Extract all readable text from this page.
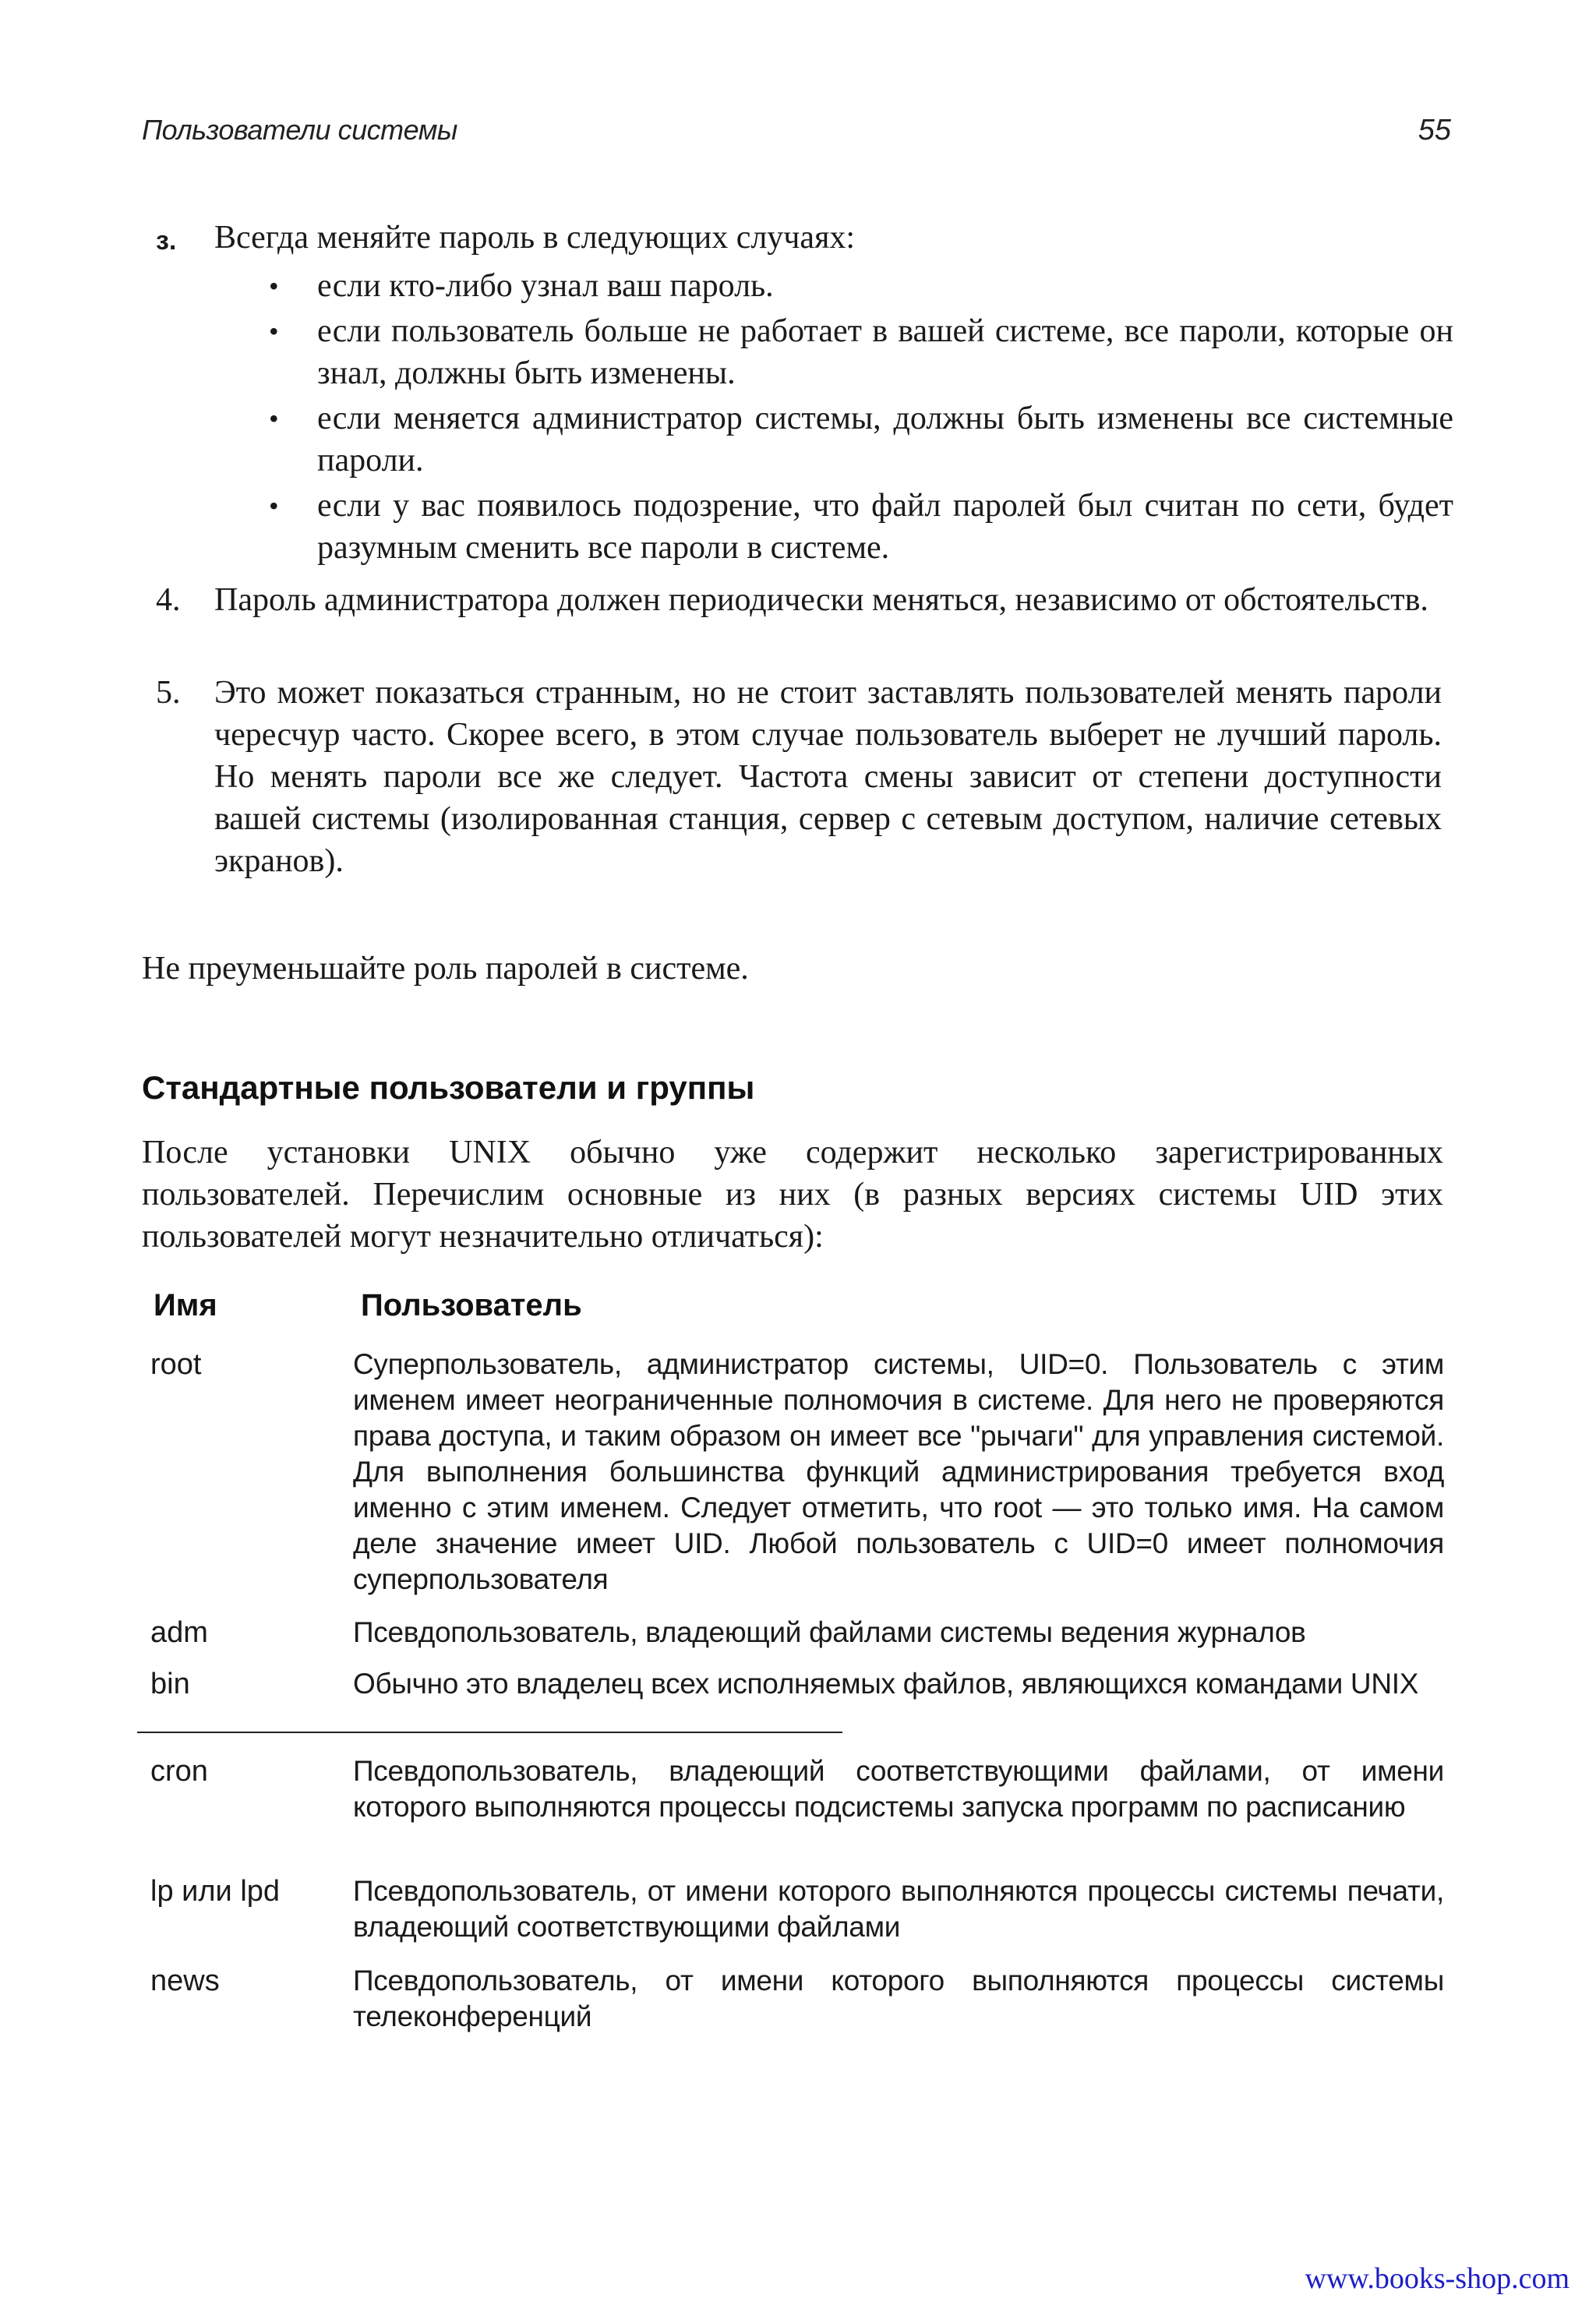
Пользователи системы	55
з.	Всегда меняйте пароль в следующих случаях:
• если кто-либо узнал ваш пароль.
• если пользователь больше не работает в вашей системе, все пароли, которые он знал, должны быть изменены.
• если меняется администратор системы, должны быть изменены все системные пароли.
• если у вас появилось подозрение, что файл паролей был считан по сети, будет разумным сменить все пароли в системе.
4.	Пароль администратора должен периодически меняться, независимо от обстоятельств.
5.	Это может показаться странным, но не стоит заставлять пользователей менять пароли чересчур часто. Скорее всего, в этом случае пользователь выберет не лучший пароль. Но менять пароли все же следует. Частота смены зависит от степени доступности вашей системы (изолированная станция, сервер с сетевым доступом, наличие сетевых экранов).
Не преуменьшайте роль паролей в системе.
Стандартные пользователи и группы
После установки UNIX обычно уже содержит несколько зарегистрированных пользователей. Перечислим основные из них (в разных версиях системы UID этих пользователей могут незначительно отличаться):
Имя	Пользователь
root	Суперпользователь, администратор системы, UID=0. Пользователь с этим именем имеет неограниченные полномочия в системе. Для него не проверяются права доступа, и таким образом он имеет все "рычаги" для управления системой. Для выполнения большинства функций администрирования требуется вход именно с этим именем. Следует отметить, что root — это только имя. На самом деле значение имеет UID. Любой пользователь с UID=0 имеет полномочия суперпользователя
adm	Псевдопользователь, владеющий файлами системы ведения журналов
bin	Обычно это владелец всех исполняемых файлов, являющихся командами UNIX
cron	Псевдопользователь, владеющий соответствующими файлами, от имени которого выполняются процессы подсистемы запуска программ по расписанию
lp или lpd	Псевдопользователь, от имени которого выполняются процессы системы печати, владеющий соответствующими файлами
news	Псевдопользователь, от имени которого выполняются процессы системы телеконференций
www.books-shop.com
